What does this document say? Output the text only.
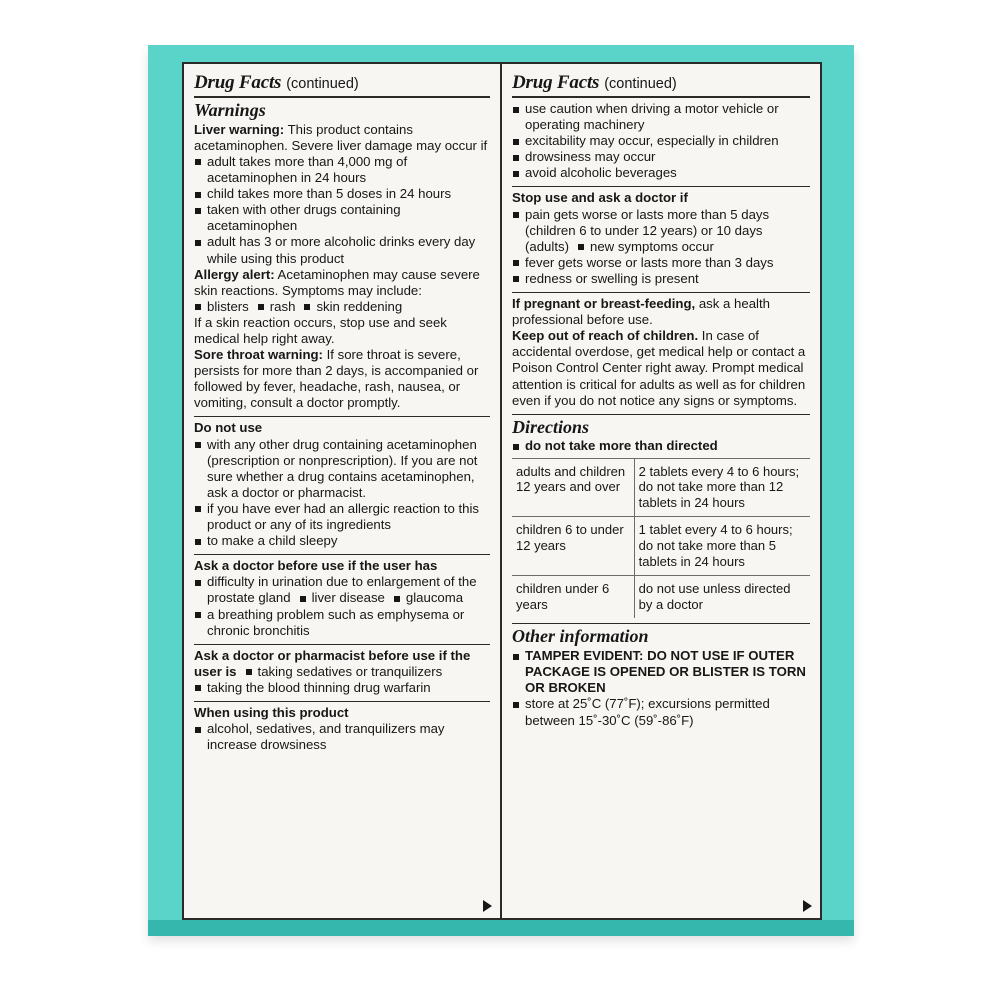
Drug Facts (continued)
Warnings

Liver warning: This product contains acetaminophen. Severe liver damage may occur if

adult takes more than 4,000 mg of acetaminophen in 24 hours
child takes more than 5 doses in 24 hours
taken with other drugs containing acetaminophen
adult has 3 or more alcoholic drinks every day while using this product

Allergy alert: Acetaminophen may cause severe skin reactions. Symptoms may include:

blisters rash skin reddening

If a skin reaction occurs, stop use and seek medical help right away.

Sore throat warning: If sore throat is severe, persists for more than 2 days, is accompanied or followed by fever, headache, rash, nausea, or vomiting, consult a doctor promptly.

Do not use
with any other drug containing acetaminophen (prescription or nonprescription). If you are not sure whether a drug contains acetaminophen, ask a doctor or pharmacist.
if you have ever had an allergic reaction to this product or any of its ingredients
to make a child sleepy
Ask a doctor before use if the user has
difficulty in urination due to enlargement of the prostate gland liver disease glaucoma
a breathing problem such as emphysema or chronic bronchitis
Ask a doctor or pharmacist before use if the user is taking sedatives or tranquilizers
taking the blood thinning drug warfarin
When using this product
alcohol, sedatives, and tranquilizers may increase drowsiness
Drug Facts (continued)
use caution when driving a motor vehicle or operating machinery
excitability may occur, especially in children
drowsiness may occur
avoid alcoholic beverages
Stop use and ask a doctor if
pain gets worse or lasts more than 5 days (children 6 to under 12 years) or 10 days (adults) new symptoms occur
fever gets worse or lasts more than 3 days
redness or swelling is present

If pregnant or breast-feeding, ask a health professional before use.

Keep out of reach of children. In case of accidental overdose, get medical help or contact a Poison Control Center right away. Prompt medical attention is critical for adults as well as for children even if you do not notice any signs or symptoms.

Directions
do not take more than directed
adults and children 12 years and over	2 tablets every 4 to 6 hours; do not take more than 12 tablets in 24 hours
children 6 to under 12 years	1 tablet every 4 to 6 hours; do not take more than 5 tablets in 24 hours
children under 6 years	do not use unless directed by a doctor
Other information
TAMPER EVIDENT: DO NOT USE IF OUTER PACKAGE IS OPENED OR BLISTER IS TORN OR BROKEN
store at 25˚C (77˚F); excursions permitted between 15˚-30˚C (59˚-86˚F)
